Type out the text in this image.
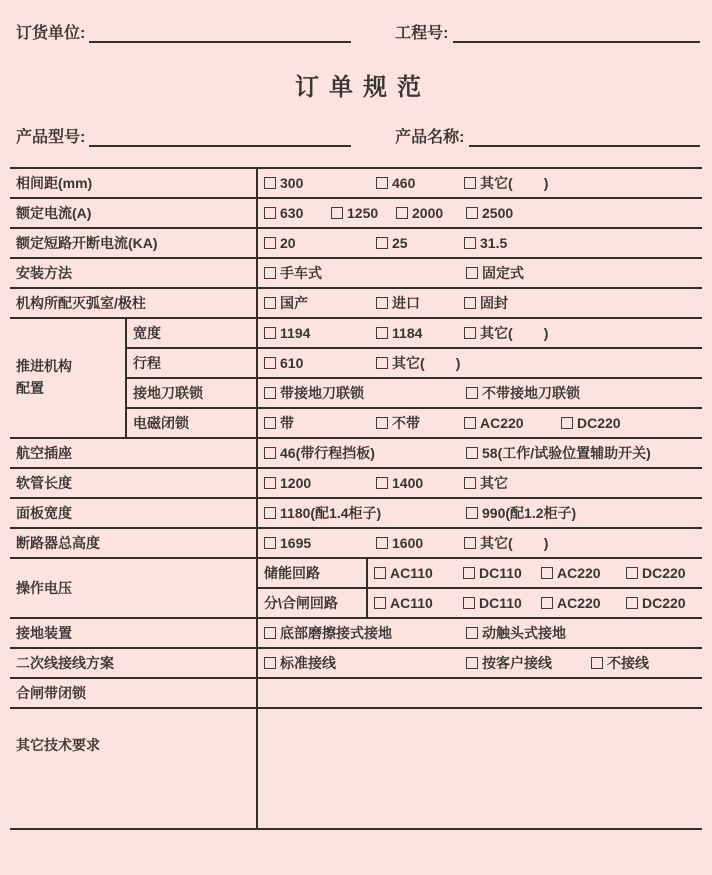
订货单位:	工程号:
订单规范
产品型号:	产品名称:
相间距(mm)		300 460 其它(        )	

额定电流(A)		630 1250 2000 2500	

额定短路开断电流(KA)		20 25 31.5	

安装方法		手车式 固定式	

机构所配灭弧室/极柱		国产 进口 固封	

推进机构配置	宽度	1194 1184 其它(        )	

	行程	610 其它(        )	

	接地刀联锁	带接地刀联锁 不带接地刀联锁	

	电磁闭锁	带 不带 AC220 DC220	

航空插座		46(带行程挡板) 58(工作/试验位置辅助开关)	

软管长度		1200 1400 其它	

面板宽度		1180(配1.4柜子) 990(配1.2柜子)	

断路器总高度		1695 1600 其它(        )	

操作电压		储能回路	AC110 DC110 AC220 DC220

		分\合闸回路	AC110 DC110 AC220 DC220

接地装置		底部磨擦接式接地 动触头式接地	

二次线接线方案		标准接线 按客户接线 不接线	

合闸带闭锁			
其它技术要求			
